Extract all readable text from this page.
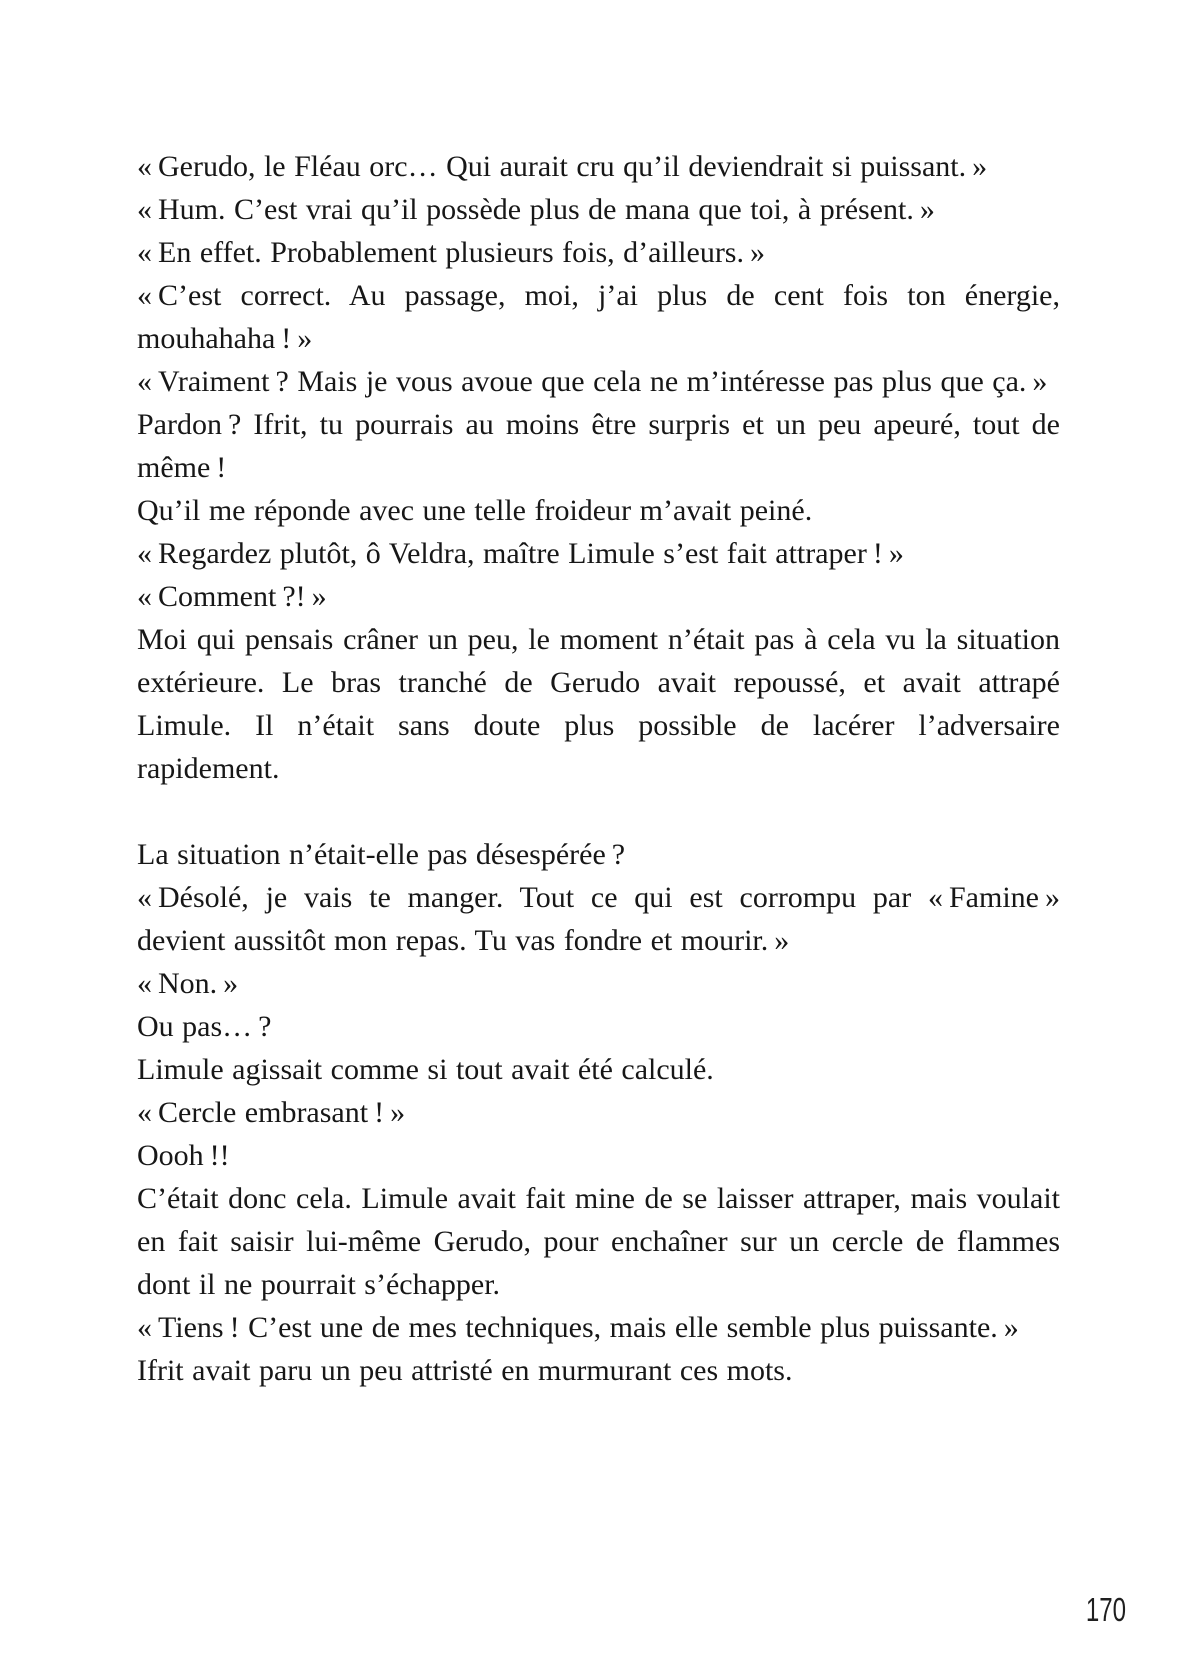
« Gerudo, le Fléau orc… Qui aurait cru qu’il deviendrait si puissant. »

« Hum. C’est vrai qu’il possède plus de mana que toi, à présent. »

« En effet. Probablement plusieurs fois, d’ailleurs. »

« C’est correct. Au passage, moi, j’ai plus de cent fois ton énergie, mouhahaha ! »

« Vraiment ? Mais je vous avoue que cela ne m’intéresse pas plus que ça. »

Pardon ? Ifrit, tu pourrais au moins être surpris et un peu apeuré, tout de même !

Qu’il me réponde avec une telle froideur m’avait peiné.

« Regardez plutôt, ô Veldra, maître Limule s’est fait attraper ! »

« Comment ?! »

Moi qui pensais crâner un peu, le moment n’était pas à cela vu la situation extérieure. Le bras tranché de Gerudo avait repoussé, et avait attrapé Limule. Il n’était sans doute plus possible de lacérer l’adversaire rapidement.

La situation n’était-elle pas désespérée ?

« Désolé, je vais te manger. Tout ce qui est corrompu par « Famine » devient aussitôt mon repas. Tu vas fondre et mourir. »

« Non. »

Ou pas… ?

Limule agissait comme si tout avait été calculé.

« Cercle embrasant ! »

Oooh !!

C’était donc cela. Limule avait fait mine de se laisser attraper, mais voulait en fait saisir lui-même Gerudo, pour enchaîner sur un cercle de flammes dont il ne pourrait s’échapper.

« Tiens ! C’est une de mes techniques, mais elle semble plus puissante. »

Ifrit avait paru un peu attristé en murmurant ces mots.

170
